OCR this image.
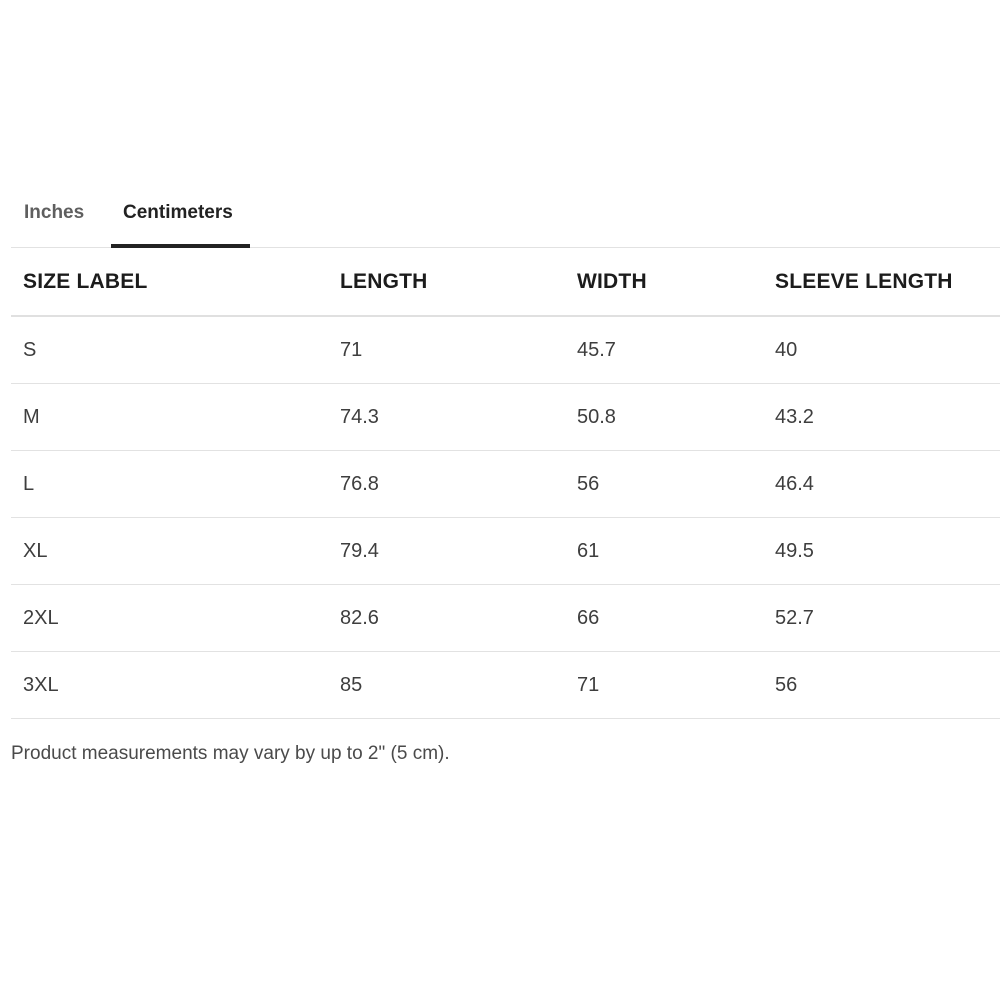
Inches Centimeters
SIZE LABEL	LENGTH	WIDTH	SLEEVE LENGTH
S	71	45.7	40
M	74.3	50.8	43.2
L	76.8	56	46.4
XL	79.4	61	49.5
2XL	82.6	66	52.7
3XL	85	71	56
Product measurements may vary by up to 2" (5 cm).
